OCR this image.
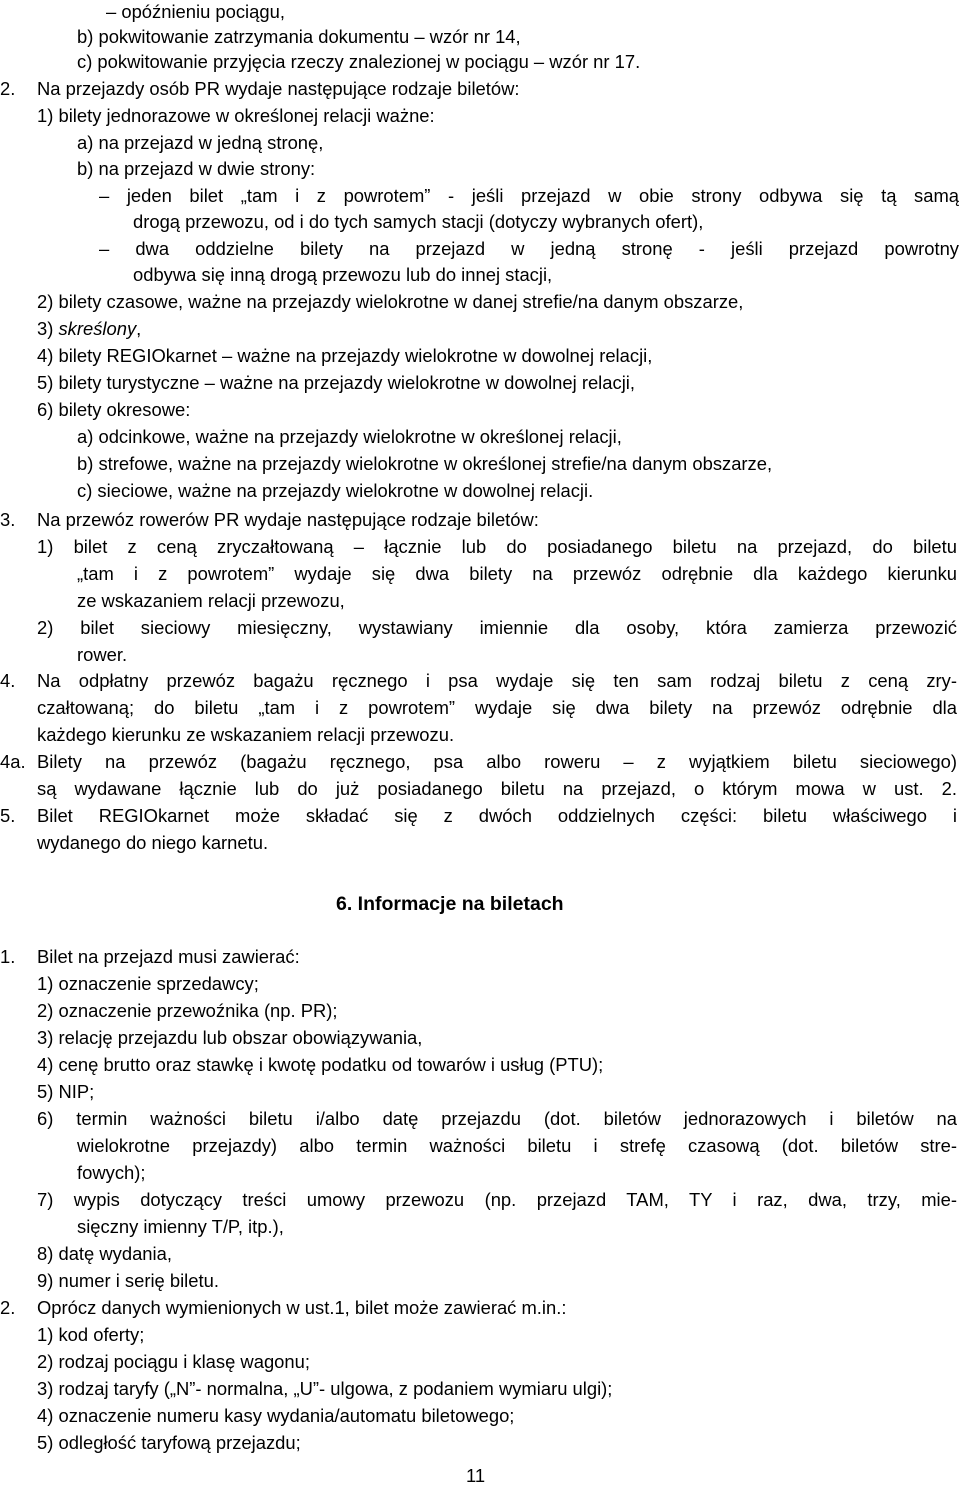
– opóźnieniu pociągu,
b) pokwitowanie zatrzymania dokumentu – wzór nr 14,
c) pokwitowanie przyjęcia rzeczy znalezionej w pociągu – wzór nr 17.
2. Na przejazdy osób PR wydaje następujące rodzaje biletów:
1) bilety jednorazowe w określonej relacji ważne:
a) na przejazd w jedną stronę,
b) na przejazd w dwie strony:
– jeden bilet „tam i z powrotem” - jeśli przejazd w obie strony odbywa się tą samą
drogą przewozu, od i do tych samych stacji (dotyczy wybranych ofert),
– dwa oddzielne bilety na przejazd w jedną stronę - jeśli przejazd powrotny
odbywa się inną drogą przewozu lub do innej stacji,
2) bilety czasowe, ważne na przejazdy wielokrotne w danej strefie/na danym obszarze,
3) skreślony,
4) bilety REGIOkarnet – ważne na przejazdy wielokrotne w dowolnej relacji,
5) bilety turystyczne – ważne na przejazdy wielokrotne w dowolnej relacji,
6) bilety okresowe:
a) odcinkowe, ważne na przejazdy wielokrotne w określonej relacji,
b) strefowe, ważne na przejazdy wielokrotne w określonej strefie/na danym obszarze,
c) sieciowe, ważne na przejazdy wielokrotne w dowolnej relacji.
3. Na przewóz rowerów PR wydaje następujące rodzaje biletów:
1) bilet z ceną zryczałtowaną – łącznie lub do posiadanego biletu na przejazd, do biletu
„tam i z powrotem” wydaje się dwa bilety na przewóz odrębnie dla każdego kierunku
ze wskazaniem relacji przewozu,
2) bilet sieciowy miesięczny, wystawiany imiennie dla osoby, która zamierza przewozić
rower.
4. Na odpłatny przewóz bagażu ręcznego i psa wydaje się ten sam rodzaj biletu z ceną zry-
czałtowaną; do biletu „tam i z powrotem” wydaje się dwa bilety na przewóz odrębnie dla
każdego kierunku ze wskazaniem relacji przewozu.
4a. Bilety na przewóz (bagażu ręcznego, psa albo roweru – z wyjątkiem biletu sieciowego)
są wydawane łącznie lub do już posiadanego biletu na przejazd, o którym mowa w ust. 2.
5. Bilet REGIOkarnet może składać się z dwóch oddzielnych części: biletu właściwego i
wydanego do niego karnetu.
6. Informacje na biletach
1. Bilet na przejazd musi zawierać:
1) oznaczenie sprzedawcy;
2) oznaczenie przewoźnika (np. PR);
3) relację przejazdu lub obszar obowiązywania,
4) cenę brutto oraz stawkę i kwotę podatku od towarów i usług (PTU);
5) NIP;
6) termin ważności biletu i/albo datę przejazdu (dot. biletów jednorazowych i biletów na
wielokrotne przejazdy) albo termin ważności biletu i strefę czasową (dot. biletów stre-
fowych);
7) wypis dotyczący treści umowy przewozu (np. przejazd TAM, TY i raz, dwa, trzy, mie-
sięczny imienny T/P, itp.),
8) datę wydania,
9) numer i serię biletu.
2. Oprócz danych wymienionych w ust.1, bilet może zawierać m.in.:
1) kod oferty;
2) rodzaj pociągu i klasę wagonu;
3) rodzaj taryfy („N”- normalna, „U”- ulgowa, z podaniem wymiaru ulgi);
4) oznaczenie numeru kasy wydania/automatu biletowego;
5) odległość taryfową przejazdu;
11
